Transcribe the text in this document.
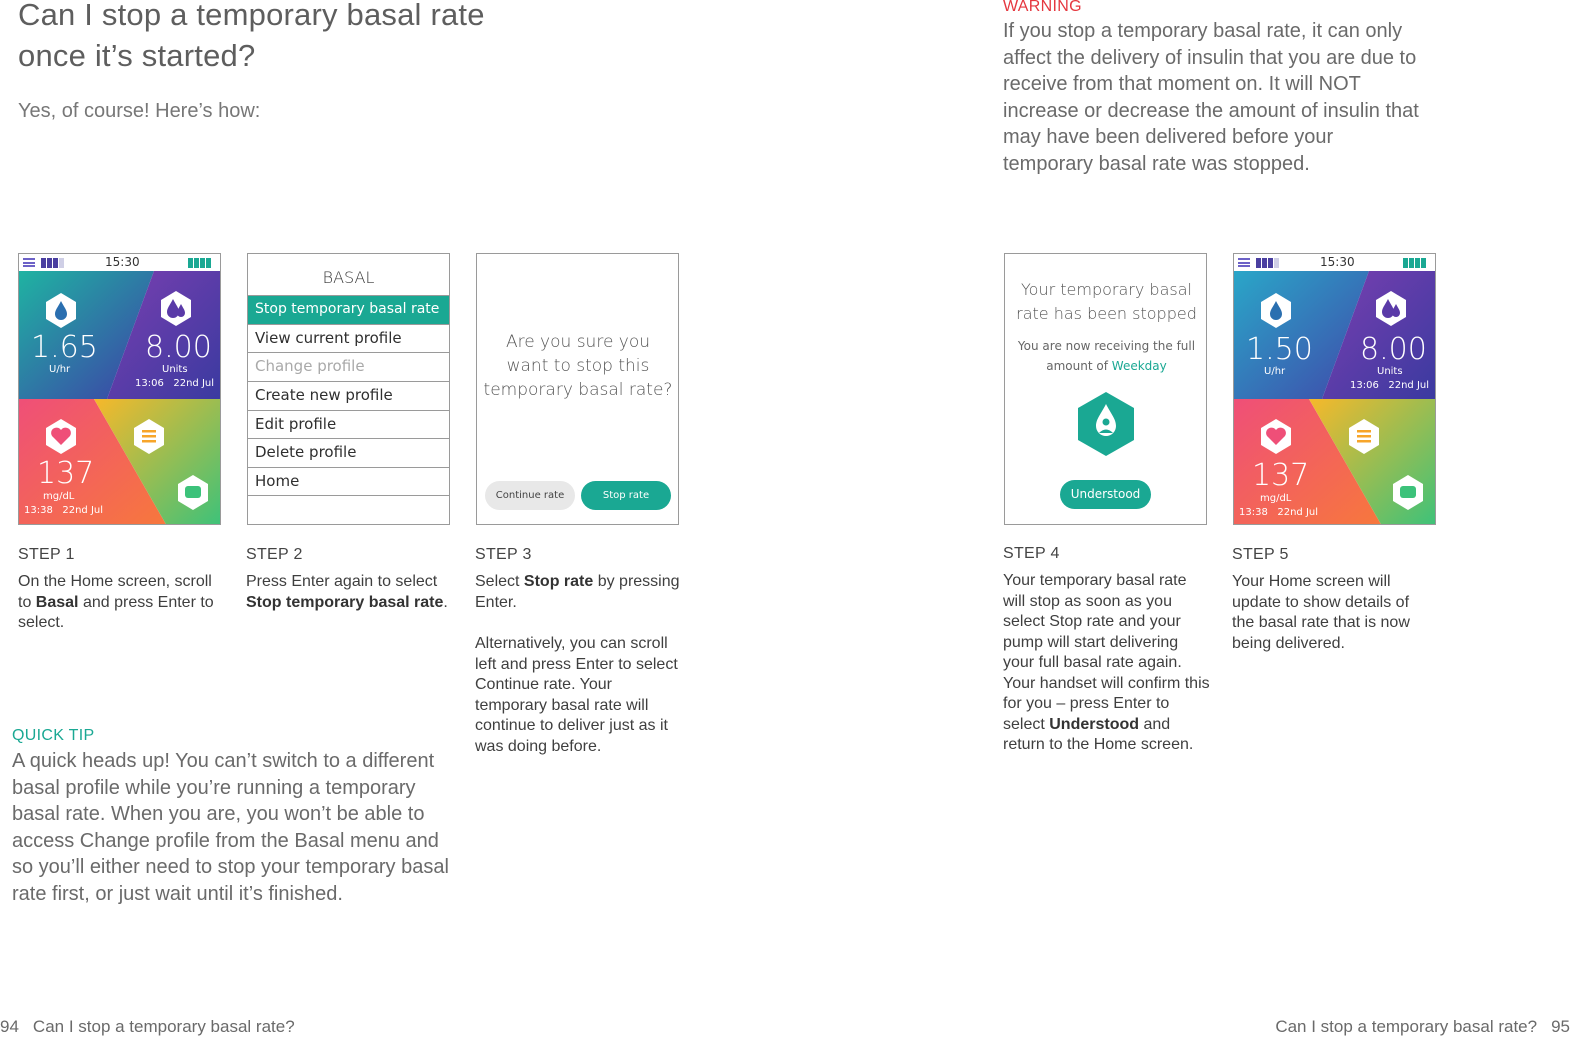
Can I stop a temporary basal rate once it’s started?
Yes, of course! Here’s how:
WARNING
If you stop a temporary basal rate, it can only affect the delivery of insulin that you are due to receive from that moment on. It will NOT increase or decrease the amount of insulin that may have been delivered before your temporary basal rate was stopped.
15:30
1.65
U/hr
8.00
Units
13:06   22nd Jul
137
mg/dL
13:38   22nd Jul
BASAL
Stop temporary basal rate
View current profile
Change profile
Create new profile
Edit profile
Delete profile
Home
Are you sure you want to stop this temporary basal rate?
Continue rate	Stop rate
Your temporary basal rate has been stopped
You are now receiving the full amount of Weekday
Understood
15:30
1.50
U/hr
8.00
Units
13:06   22nd Jul
137
mg/dL
13:38   22nd Jul
STEP 1
On the Home screen, scroll to Basal and press Enter to select.
STEP 2
Press Enter again to select Stop temporary basal rate.
STEP 3
Select Stop rate by pressing Enter.
Alternatively, you can scroll left and press Enter to select Continue rate. Your temporary basal rate will continue to deliver just as it was doing before.
STEP 4
Your temporary basal rate will stop as soon as you select Stop rate and your pump will start delivering your full basal rate again. Your handset will confirm this for you – press Enter to select Understood and return to the Home screen.
STEP 5
Your Home screen will update to show details of the basal rate that is now being delivered.
QUICK TIP
A quick heads up! You can’t switch to a different basal profile while you’re running a temporary basal rate. When you are, you won’t be able to access Change profile from the Basal menu and so you’ll either need to stop your temporary basal rate first, or just wait until it’s finished.
94 Can I stop a temporary basal rate?	Can I stop a temporary basal rate? 95
